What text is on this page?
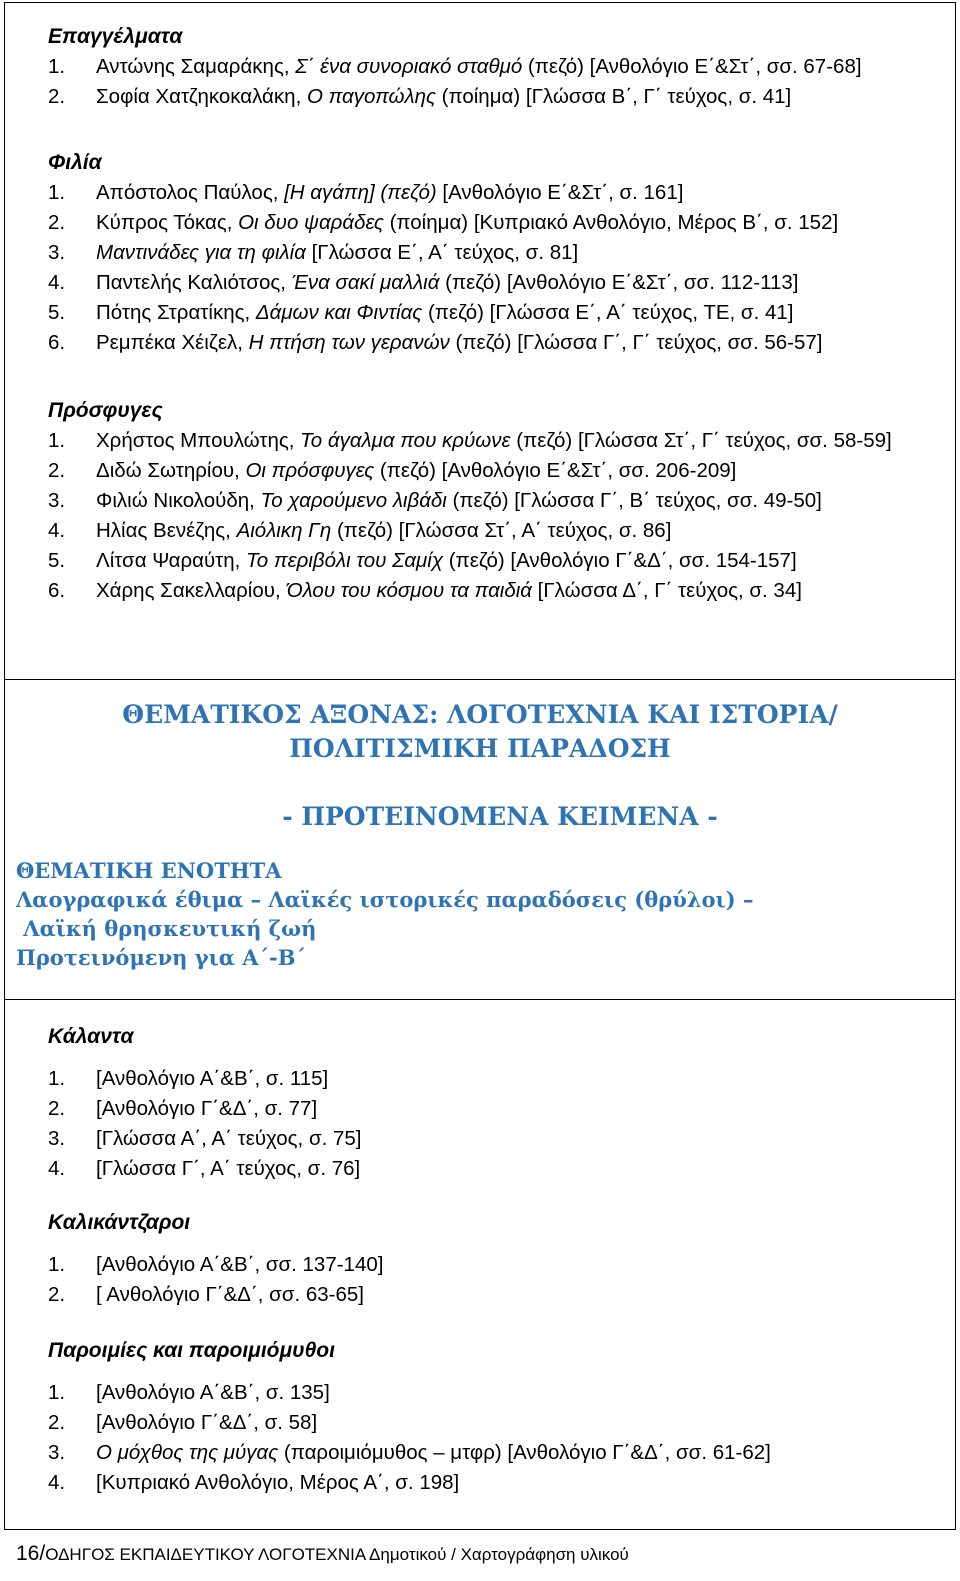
Επαγγέλματα
1.	Αντώνης Σαμαράκης, Σ΄ ένα συνοριακό σταθμό (πεζό) [Ανθολόγιο Ε΄&Στ΄, σσ. 67-68]
2.	Σοφία Χατζηκοκαλάκη, Ο παγοπώλης (ποίημα) [Γλώσσα Β΄, Γ΄ τεύχος, σ. 41]
Φιλία
1.	Απόστολος Παύλος, [Η αγάπη] (πεζό) [Ανθολόγιο Ε΄&Στ΄, σ. 161]
2.	Κύπρος Τόκας, Οι δυο ψαράδες (ποίημα) [Κυπριακό Ανθολόγιο, Μέρος Β΄, σ. 152]
3.	Μαντινάδες για τη φιλία [Γλώσσα Ε΄, Α΄ τεύχος, σ. 81]
4.	Παντελής Καλιότσος, Ένα σακί μαλλιά (πεζό) [Ανθολόγιο Ε΄&Στ΄, σσ. 112-113]
5.	Πότης Στρατίκης, Δάμων και Φιντίας (πεζό) [Γλώσσα Ε΄, Α΄ τεύχος, ΤΕ, σ. 41]
6.	Ρεμπέκα Χέιζελ, Η πτήση των γερανών (πεζό) [Γλώσσα Γ΄, Γ΄ τεύχος, σσ. 56-57]
Πρόσφυγες
1.	Χρήστος Μπουλώτης, Το άγαλμα που κρύωνε (πεζό) [Γλώσσα Στ΄, Γ΄ τεύχος, σσ. 58-59]
2.	Διδώ Σωτηρίου, Οι πρόσφυγες (πεζό) [Ανθολόγιο Ε΄&Στ΄, σσ. 206-209]
3.	Φιλιώ Νικολούδη, Το χαρούμενο λιβάδι (πεζό) [Γλώσσα Γ΄, Β΄ τεύχος, σσ. 49-50]
4.	Ηλίας Βενέζης, Αιόλικη Γη (πεζό) [Γλώσσα Στ΄, Α΄ τεύχος, σ. 86]
5.	Λίτσα Ψαραύτη, Το περιβόλι του Σαμίχ (πεζό) [Ανθολόγιο Γ΄&Δ΄, σσ. 154-157]
6.	Χάρης Σακελλαρίου, Όλου του κόσμου τα παιδιά [Γλώσσα Δ΄, Γ΄ τεύχος, σ. 34]
ΘΕΜΑΤΙΚΟΣ ΑΞΟΝΑΣ: ΛΟΓΟΤΕΧΝΙΑ ΚΑΙ ΙΣΤΟΡΙΑ/ΠΟΛΙΤΙΣΜΙΚΗ ΠΑΡΑΔΟΣΗ
- ΠΡΟΤΕΙΝΟΜΕΝΑ ΚΕΙΜΕΝΑ -
ΘΕΜΑΤΙΚΗ ΕΝΟΤΗΤΑ
Λαογραφικά έθιμα – Λαϊκές ιστορικές παραδόσεις (θρύλοι) –
Λαϊκή θρησκευτική ζωή
Προτεινόμενη για Α΄-Β΄
Κάλαντα
1.	[Ανθολόγιο Α΄&Β΄, σ. 115]
2.	[Ανθολόγιο Γ΄&Δ΄, σ. 77]
3.	[Γλώσσα Α΄, Α΄ τεύχος, σ. 75]
4.	[Γλώσσα Γ΄, Α΄ τεύχος, σ. 76]
Καλικάντζαροι
1.	[Ανθολόγιο Α΄&Β΄, σσ. 137-140]
2.	[ Ανθολόγιο Γ΄&Δ΄, σσ. 63-65]
Παροιμίες και παροιμιόμυθοι
1.	[Ανθολόγιο Α΄&Β΄, σ. 135]
2.	[Ανθολόγιο Γ΄&Δ΄, σ. 58]
3.	Ο μόχθος της μύγας (παροιμιόμυθος – μτφρ) [Ανθολόγιο Γ΄&Δ΄, σσ. 61-62]
4.	[Κυπριακό Ανθολόγιο, Μέρος Α΄, σ. 198]
16/ΟΔΗΓΟΣ ΕΚΠΑΙΔΕΥΤΙΚΟΥ ΛΟΓΟΤΕΧΝΙΑ Δημοτικού / Χαρτογράφηση υλικού
